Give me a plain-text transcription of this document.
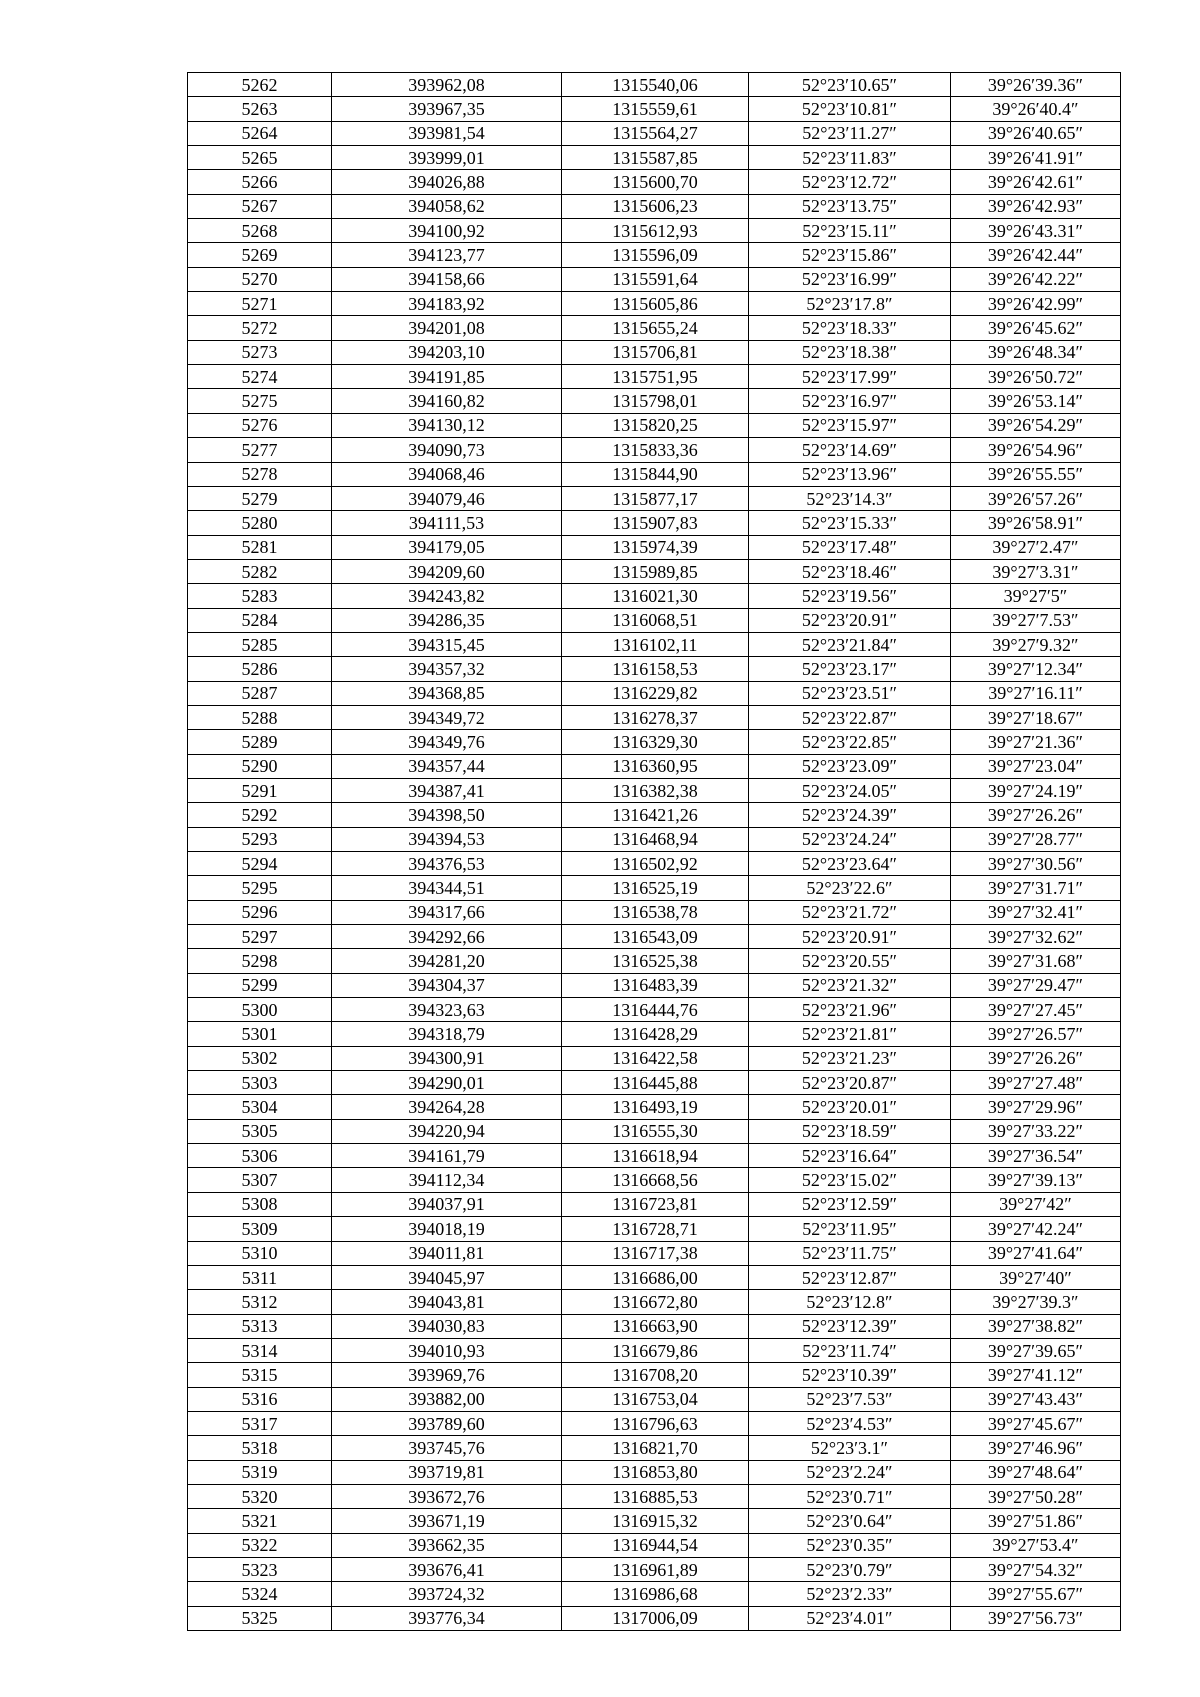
5262	393962,08	1315540,06	52°23′10.65″	39°26′39.36″
5263	393967,35	1315559,61	52°23′10.81″	39°26′40.4″
5264	393981,54	1315564,27	52°23′11.27″	39°26′40.65″
5265	393999,01	1315587,85	52°23′11.83″	39°26′41.91″
5266	394026,88	1315600,70	52°23′12.72″	39°26′42.61″
5267	394058,62	1315606,23	52°23′13.75″	39°26′42.93″
5268	394100,92	1315612,93	52°23′15.11″	39°26′43.31″
5269	394123,77	1315596,09	52°23′15.86″	39°26′42.44″
5270	394158,66	1315591,64	52°23′16.99″	39°26′42.22″
5271	394183,92	1315605,86	52°23′17.8″	39°26′42.99″
5272	394201,08	1315655,24	52°23′18.33″	39°26′45.62″
5273	394203,10	1315706,81	52°23′18.38″	39°26′48.34″
5274	394191,85	1315751,95	52°23′17.99″	39°26′50.72″
5275	394160,82	1315798,01	52°23′16.97″	39°26′53.14″
5276	394130,12	1315820,25	52°23′15.97″	39°26′54.29″
5277	394090,73	1315833,36	52°23′14.69″	39°26′54.96″
5278	394068,46	1315844,90	52°23′13.96″	39°26′55.55″
5279	394079,46	1315877,17	52°23′14.3″	39°26′57.26″
5280	394111,53	1315907,83	52°23′15.33″	39°26′58.91″
5281	394179,05	1315974,39	52°23′17.48″	39°27′2.47″
5282	394209,60	1315989,85	52°23′18.46″	39°27′3.31″
5283	394243,82	1316021,30	52°23′19.56″	39°27′5″
5284	394286,35	1316068,51	52°23′20.91″	39°27′7.53″
5285	394315,45	1316102,11	52°23′21.84″	39°27′9.32″
5286	394357,32	1316158,53	52°23′23.17″	39°27′12.34″
5287	394368,85	1316229,82	52°23′23.51″	39°27′16.11″
5288	394349,72	1316278,37	52°23′22.87″	39°27′18.67″
5289	394349,76	1316329,30	52°23′22.85″	39°27′21.36″
5290	394357,44	1316360,95	52°23′23.09″	39°27′23.04″
5291	394387,41	1316382,38	52°23′24.05″	39°27′24.19″
5292	394398,50	1316421,26	52°23′24.39″	39°27′26.26″
5293	394394,53	1316468,94	52°23′24.24″	39°27′28.77″
5294	394376,53	1316502,92	52°23′23.64″	39°27′30.56″
5295	394344,51	1316525,19	52°23′22.6″	39°27′31.71″
5296	394317,66	1316538,78	52°23′21.72″	39°27′32.41″
5297	394292,66	1316543,09	52°23′20.91″	39°27′32.62″
5298	394281,20	1316525,38	52°23′20.55″	39°27′31.68″
5299	394304,37	1316483,39	52°23′21.32″	39°27′29.47″
5300	394323,63	1316444,76	52°23′21.96″	39°27′27.45″
5301	394318,79	1316428,29	52°23′21.81″	39°27′26.57″
5302	394300,91	1316422,58	52°23′21.23″	39°27′26.26″
5303	394290,01	1316445,88	52°23′20.87″	39°27′27.48″
5304	394264,28	1316493,19	52°23′20.01″	39°27′29.96″
5305	394220,94	1316555,30	52°23′18.59″	39°27′33.22″
5306	394161,79	1316618,94	52°23′16.64″	39°27′36.54″
5307	394112,34	1316668,56	52°23′15.02″	39°27′39.13″
5308	394037,91	1316723,81	52°23′12.59″	39°27′42″
5309	394018,19	1316728,71	52°23′11.95″	39°27′42.24″
5310	394011,81	1316717,38	52°23′11.75″	39°27′41.64″
5311	394045,97	1316686,00	52°23′12.87″	39°27′40″
5312	394043,81	1316672,80	52°23′12.8″	39°27′39.3″
5313	394030,83	1316663,90	52°23′12.39″	39°27′38.82″
5314	394010,93	1316679,86	52°23′11.74″	39°27′39.65″
5315	393969,76	1316708,20	52°23′10.39″	39°27′41.12″
5316	393882,00	1316753,04	52°23′7.53″	39°27′43.43″
5317	393789,60	1316796,63	52°23′4.53″	39°27′45.67″
5318	393745,76	1316821,70	52°23′3.1″	39°27′46.96″
5319	393719,81	1316853,80	52°23′2.24″	39°27′48.64″
5320	393672,76	1316885,53	52°23′0.71″	39°27′50.28″
5321	393671,19	1316915,32	52°23′0.64″	39°27′51.86″
5322	393662,35	1316944,54	52°23′0.35″	39°27′53.4″
5323	393676,41	1316961,89	52°23′0.79″	39°27′54.32″
5324	393724,32	1316986,68	52°23′2.33″	39°27′55.67″
5325	393776,34	1317006,09	52°23′4.01″	39°27′56.73″
